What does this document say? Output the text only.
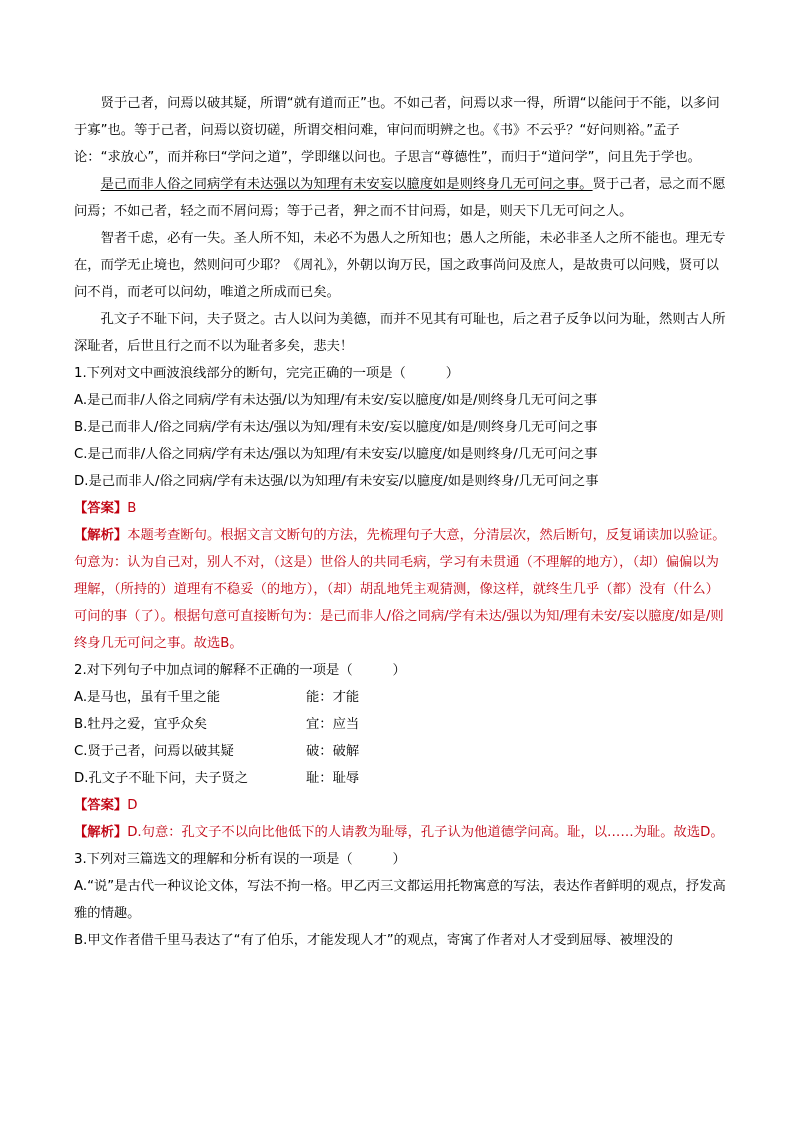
贤于己者，问焉以破其疑，所谓“就有道而正”也。不如己者，问焉以求一得，所谓“以能问于不能，以多问于寡”也。等于己者，问焉以资切磋，所谓交相问难，审问而明辨之也。《书》不云乎？“好问则裕。”孟子论：“求放心”，而并称曰“学问之道”，学即继以问也。子思言“尊德性”，而归于“道问学”，问且先于学也。

是己而非人俗之同病学有未达强以为知理有未安妄以臆度如是则终身几无可问之事。贤于己者，忌之而不愿问焉；不如己者，轻之而不屑问焉；等于己者，狎之而不甘问焉，如是，则天下几无可问之人。

智者千虑，必有一失。圣人所不知，未必不为愚人之所知也；愚人之所能，未必非圣人之所不能也。理无专在，而学无止境也，然则问可少耶？《周礼》，外朝以询万民，国之政事尚问及庶人，是故贵可以问贱，贤可以问不肖，而老可以问幼，唯道之所成而已矣。

孔文子不耻下问，夫子贤之。古人以问为美德，而并不见其有可耻也，后之君子反争以问为耻，然则古人所深耻者，后世且行之而不以为耻者多矣，悲夫！

1.下列对文中画波浪线部分的断句，完完正确的一项是（　　　）

A.是己而非/人俗之同病/学有未达强/以为知理/有未安/妄以臆度/如是/则终身几无可问之事

B.是己而非人/俗之同病/学有未达/强以为知/理有未安/妄以臆度/如是/则终身几无可问之事

C.是己而非/人俗之同病/学有未达/强以为知理/有未安妄/以臆度/如是则终身/几无可问之事

D.是己而非人/俗之同病/学有未达强/以为知理/有未安妄/以臆度/如是则终身/几无可问之事

【答案】B

【解析】本题考查断句。根据文言文断句的方法，先梳理句子大意，分清层次，然后断句，反复诵读加以验证。句意为：认为自己对，别人不对，（这是）世俗人的共同毛病，学习有未贯通（不理解的地方），（却）偏偏以为理解，（所持的）道理有不稳妥（的地方），（却）胡乱地凭主观猜测，像这样，就终生几乎（都）没有（什么）可问的事（了）。根据句意可直接断句为：是己而非人/俗之同病/学有未达/强以为知/理有未安/妄以臆度/如是/则终身几无可问之事。故选B。

2.对下列句子中加点词的解释不正确的一项是（　　　）

A.是马也，虽有千里之能	能：才能

B.牡丹之爱，宜乎众矣	宜：应当

C.贤于己者，问焉以破其疑	破：破解

D.孔文子不耻下问，夫子贤之	耻：耻辱

【答案】D

【解析】D.句意：孔文子不以向比他低下的人请教为耻辱，孔子认为他道德学问高。耻，以……为耻。故选D。

3.下列对三篇选文的理解和分析有误的一项是（　　　）

A.“说”是古代一种议论文体，写法不拘一格。甲乙丙三文都运用托物寓意的写法，表达作者鲜明的观点，抒发高雅的情趣。

B.甲文作者借千里马表达了“有了伯乐，才能发现人才”的观点，寄寓了作者对人才受到屈辱、被埋没的
